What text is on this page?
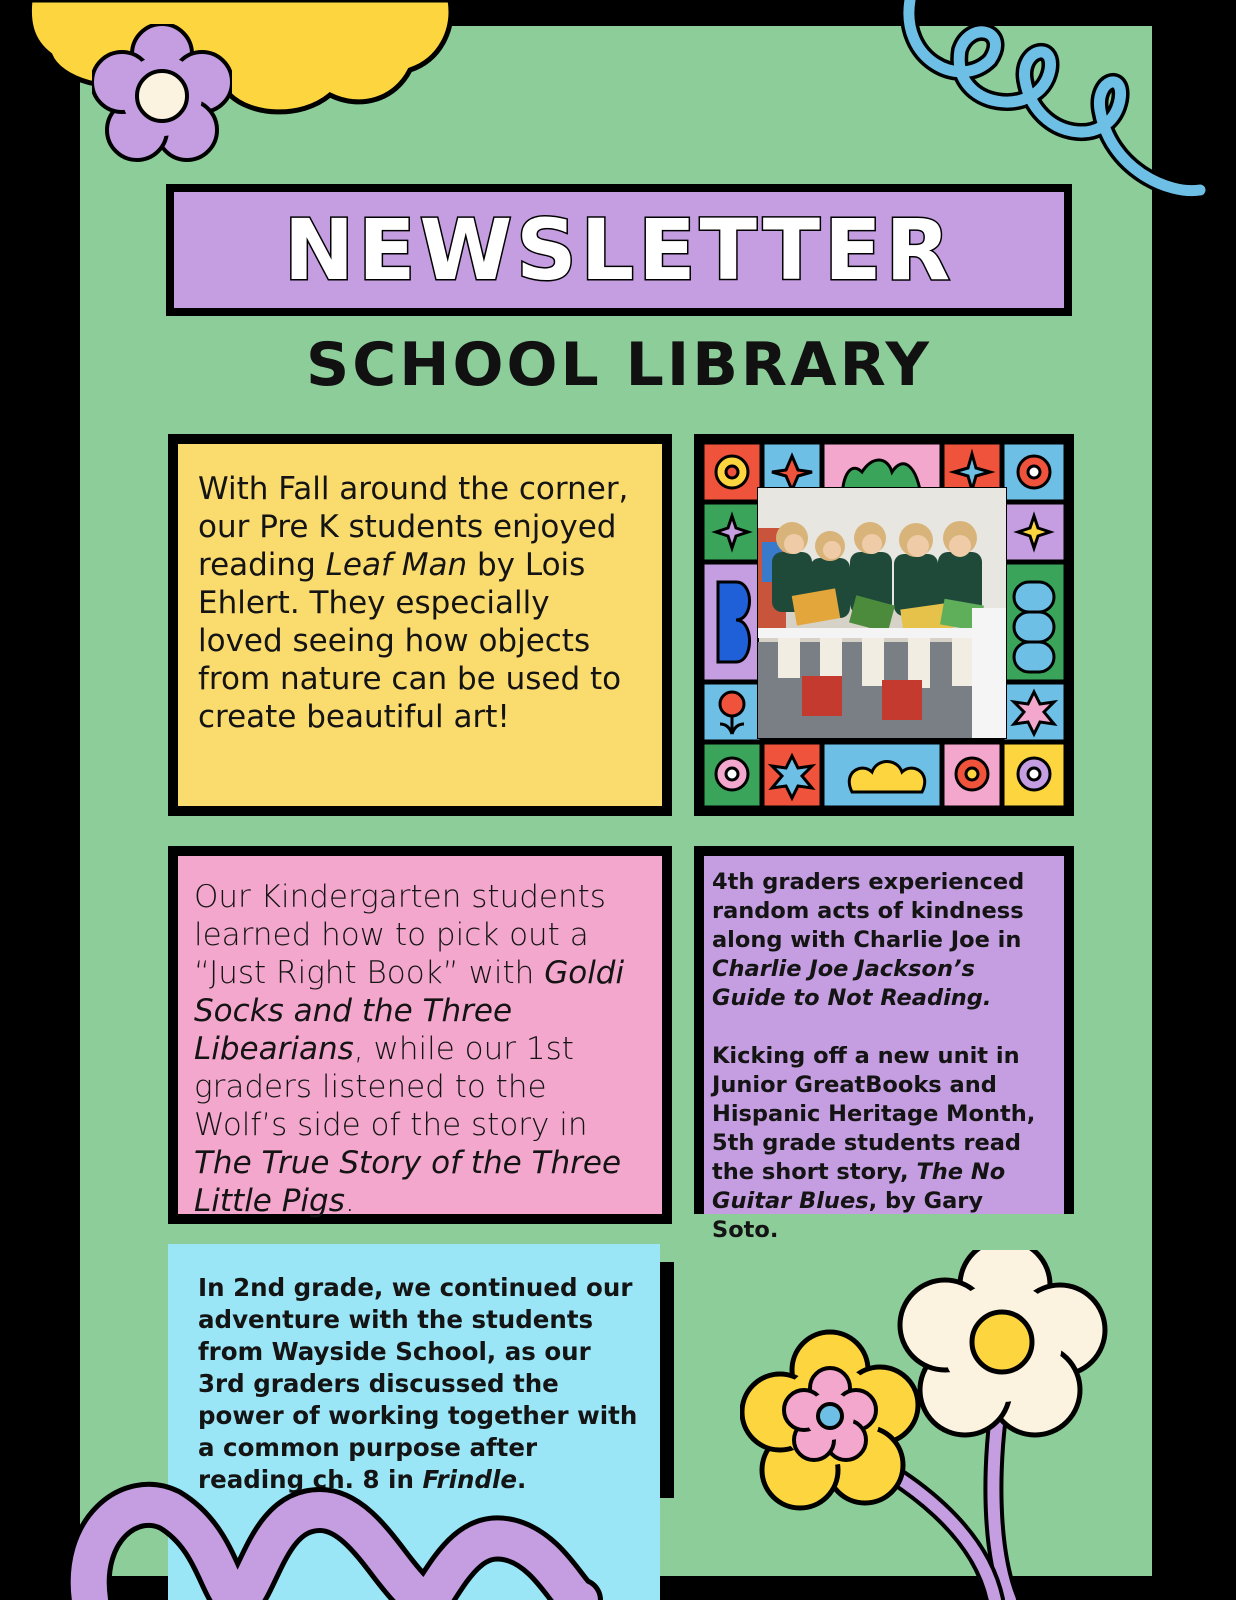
NEWSLETTER
SCHOOL LIBRARY

With Fall around the corner, our Pre K students enjoyed reading Leaf Man by Lois Ehlert. They especially loved seeing how objects from nature can be used to create beautiful art!

Our Kindergarten students learned how to pick out a “Just Right Book” with Goldi Socks and the Three Libearians, while our 1st graders listened to the Wolf’s side of the story in The True Story of the Three Little Pigs.

4th graders experienced random acts of kindness along with Charlie Joe in Charlie Joe Jackson’s Guide to Not Reading.

Kicking off a new unit in Junior GreatBooks and Hispanic Heritage Month, 5th grade students read the short story, The No Guitar Blues, by Gary Soto.

In 2nd grade, we continued our adventure with the students from Wayside School, as our 3rd graders discussed the power of working together with a common purpose after reading ch. 8 in Frindle.
